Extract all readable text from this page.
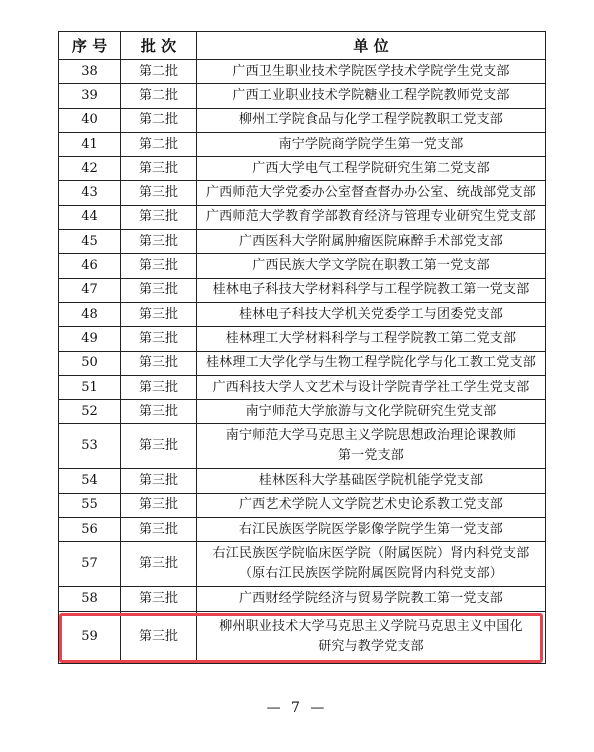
序 号	批 次	单 位
38	第二批	广西卫生职业技术学院医学技术学院学生党支部

39	第二批	广西工业职业技术学院糖业工程学院教师党支部

40	第二批	柳州工学院食品与化学工程学院教职工党支部

41	第二批	南宁学院商学院学生第一党支部

42	第三批	广西大学电气工程学院研究生第二党支部

43	第三批	广西师范大学党委办公室督查督办办公室、统战部党支部

44	第三批	广西师范大学教育学部教育经济与管理专业研究生党支部

45	第三批	广西医科大学附属肿瘤医院麻醉手术部党支部

46	第三批	广西民族大学文学院在职教工第一党支部

47	第三批	桂林电子科技大学材料科学与工程学院教工第一党支部

48	第三批	桂林电子科技大学机关党委学工与团委党支部

49	第三批	桂林理工大学材料科学与工程学院教工第二党支部

50	第三批	桂林理工大学化学与生物工程学院化学与化工教工党支部

51	第三批	广西科技大学人文艺术与设计学院青学社工学生党支部

52	第三批	南宁师范大学旅游与文化学院研究生党支部

53	第三批	南宁师范大学马克思主义学院思想政治理论课教师
第一党支部

54	第三批	桂林医科大学基础医学院机能学党支部

55	第三批	广西艺术学院人文学院艺术史论系教工党支部

56	第三批	右江民族医学院医学影像学院学生第一党支部

57	第三批	右江民族医学院临床医学院（附属医院）肾内科党支部
（原右江民族医学院附属医院肾内科党支部）

58	第三批	广西财经学院经济与贸易学院教工第一党支部

59	第三批	柳州职业技术大学马克思主义学院马克思主义中国化
研究与教学党支部
— 7 —
